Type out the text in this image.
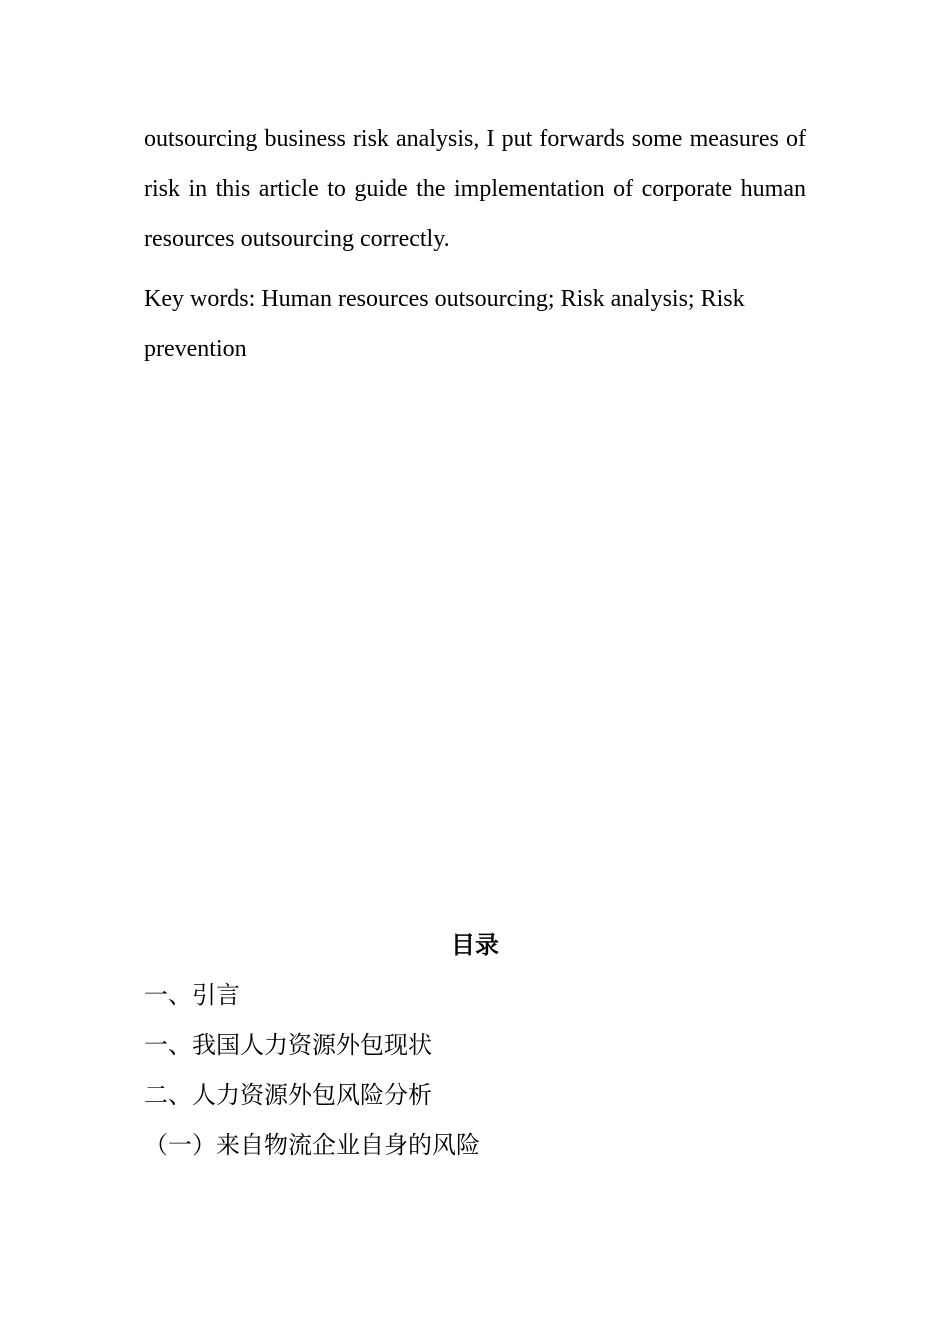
outsourcing business risk analysis, I put forwards some measures of risk in this article to guide the implementation of corporate human resources outsourcing correctly.

Key words: Human resources outsourcing; Risk analysis; Risk prevention

目录
一、引言
一、我国人力资源外包现状
二、人力资源外包风险分析
（一）来自物流企业自身的风险
